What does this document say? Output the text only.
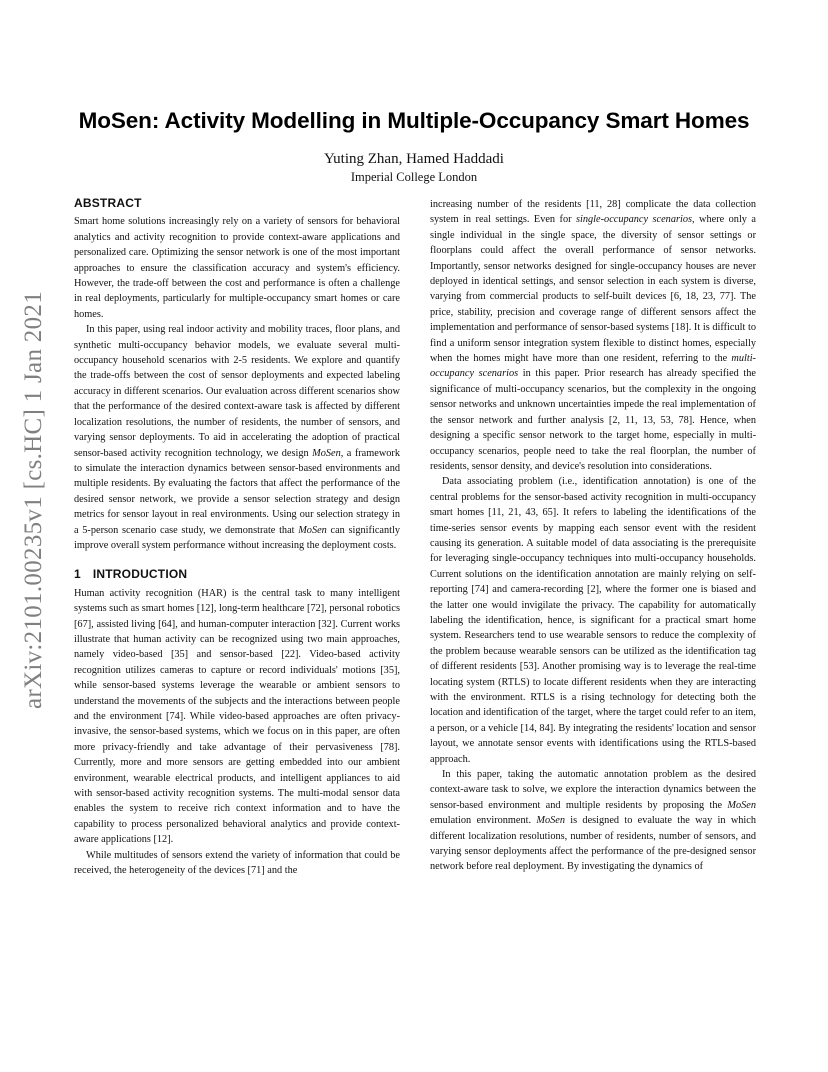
arXiv:2101.00235v1 [cs.HC] 1 Jan 2021
MoSen: Activity Modelling in Multiple-Occupancy Smart Homes
Yuting Zhan, Hamed Haddadi
Imperial College London
ABSTRACT

Smart home solutions increasingly rely on a variety of sensors for behavioral analytics and activity recognition to provide context-aware applications and personalized care. Optimizing the sensor network is one of the most important approaches to ensure the classification accuracy and system's efficiency. However, the trade-off between the cost and performance is often a challenge in real deployments, particularly for multiple-occupancy smart homes or care homes.

In this paper, using real indoor activity and mobility traces, floor plans, and synthetic multi-occupancy behavior models, we evaluate several multi-occupancy household scenarios with 2-5 residents. We explore and quantify the trade-offs between the cost of sensor deployments and expected labeling accuracy in different scenarios. Our evaluation across different scenarios show that the performance of the desired context-aware task is affected by different localization resolutions, the number of residents, the number of sensors, and varying sensor deployments. To aid in accelerating the adoption of practical sensor-based activity recognition technology, we design MoSen, a framework to simulate the interaction dynamics between sensor-based environments and multiple residents. By evaluating the factors that affect the performance of the desired sensor network, we provide a sensor selection strategy and design metrics for sensor layout in real environments. Using our selection strategy in a 5-person scenario case study, we demonstrate that MoSen can significantly improve overall system performance without increasing the deployment costs.

1 INTRODUCTION

Human activity recognition (HAR) is the central task to many intelligent systems such as smart homes [12], long-term healthcare [72], personal robotics [67], assisted living [64], and human-computer interaction [32]. Current works illustrate that human activity can be recognized using two main approaches, namely video-based [35] and sensor-based [22]. Video-based activity recognition utilizes cameras to capture or record individuals' motions [35], while sensor-based systems leverage the wearable or ambient sensors to understand the movements of the subjects and the interactions between people and the environment [74]. While video-based approaches are often privacy-invasive, the sensor-based systems, which we focus on in this paper, are often more privacy-friendly and take advantage of their pervasiveness [78]. Currently, more and more sensors are getting embedded into our ambient environment, wearable electrical products, and intelligent appliances to aid with sensor-based activity recognition systems. The multi-modal sensor data enables the system to receive rich context information and to have the capability to process personalized behavioral analytics and provide context-aware applications [12].

While multitudes of sensors extend the variety of information that could be received, the heterogeneity of the devices [71] and the

increasing number of the residents [11, 28] complicate the data collection system in real settings. Even for single-occupancy scenarios, where only a single individual in the single space, the diversity of sensor settings or floorplans could affect the overall performance of sensor networks. Importantly, sensor networks designed for single-occupancy houses are never deployed in identical settings, and sensor selection in each system is diverse, varying from commercial products to self-built devices [6, 18, 23, 77]. The price, stability, precision and coverage range of different sensors affect the implementation and performance of sensor-based systems [18]. It is difficult to find a uniform sensor integration system flexible to distinct homes, especially when the homes might have more than one resident, referring to the multi-occupancy scenarios in this paper. Prior research has already specified the significance of multi-occupancy scenarios, but the complexity in the ongoing sensor networks and unknown uncertainties impede the real implementation of the sensor network and further analysis [2, 11, 13, 53, 78]. Hence, when designing a specific sensor network to the target home, especially in multi-occupancy scenarios, people need to take the real floorplan, the number of residents, sensor density, and device's resolution into considerations.

Data associating problem (i.e., identification annotation) is one of the central problems for the sensor-based activity recognition in multi-occupancy smart homes [11, 21, 43, 65]. It refers to labeling the identifications of the time-series sensor events by mapping each sensor event with the resident causing its generation. A suitable model of data associating is the prerequisite for leveraging single-occupancy techniques into multi-occupancy households. Current solutions on the identification annotation are mainly relying on self-reporting [74] and camera-recording [2], where the former one is biased and the latter one would invigilate the privacy. The capability for automatically labeling the identification, hence, is significant for a practical smart home system. Researchers tend to use wearable sensors to reduce the complexity of the problem because wearable sensors can be utilized as the identification tag of different residents [53]. Another promising way is to leverage the real-time locating system (RTLS) to locate different residents when they are interacting with the environment. RTLS is a rising technology for detecting both the location and identification of the target, where the target could refer to an item, a person, or a vehicle [14, 84]. By integrating the residents' location and sensor layout, we annotate sensor events with identifications using the RTLS-based approach.

In this paper, taking the automatic annotation problem as the desired context-aware task to solve, we explore the interaction dynamics between the sensor-based environment and multiple residents by proposing the MoSen emulation environment. MoSen is designed to evaluate the way in which different localization resolutions, number of residents, number of sensors, and varying sensor deployments affect the performance of the pre-designed sensor network before real deployment. By investigating the dynamics of
